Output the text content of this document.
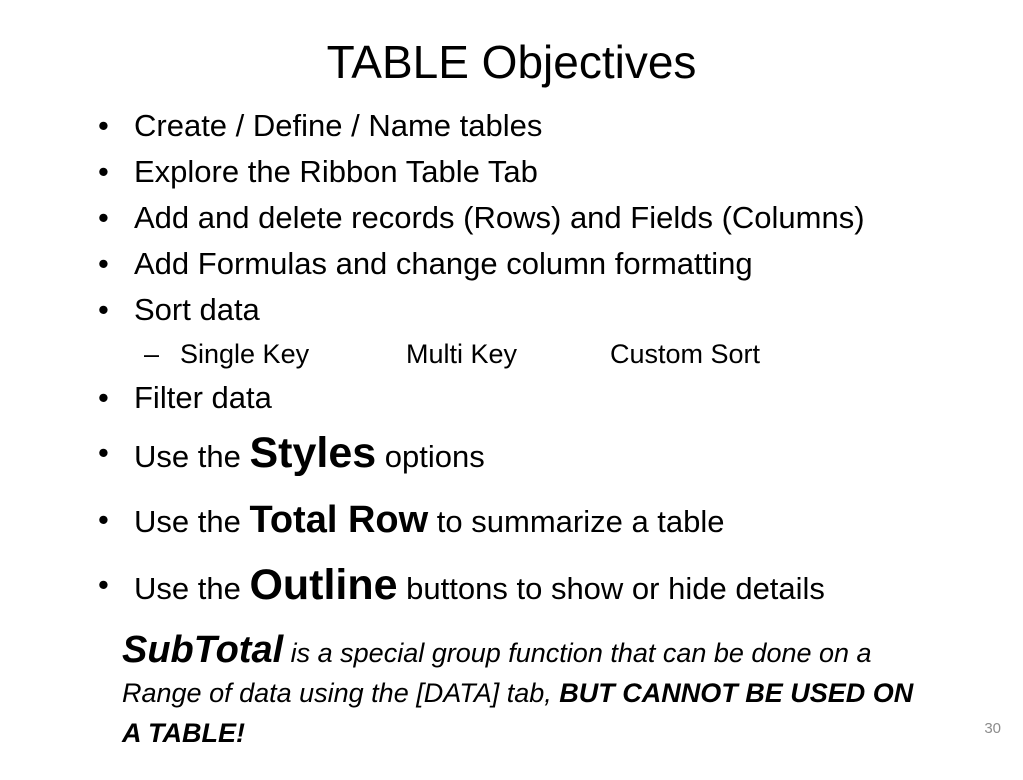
TABLE Objectives
• Create / Define / Name tables
• Explore the Ribbon Table Tab
• Add and delete records (Rows) and Fields (Columns)
• Add Formulas and change column formatting
• Sort data
– Single Key	Multi Key	Custom Sort
• Filter data
• Use the Styles options
• Use the Total Row to summarize a table
• Use the Outline buttons to show or hide details
SubTotal is a special group function that can be done on a Range of data using the [DATA] tab, BUT CANNOT BE USED ON A TABLE!	30
